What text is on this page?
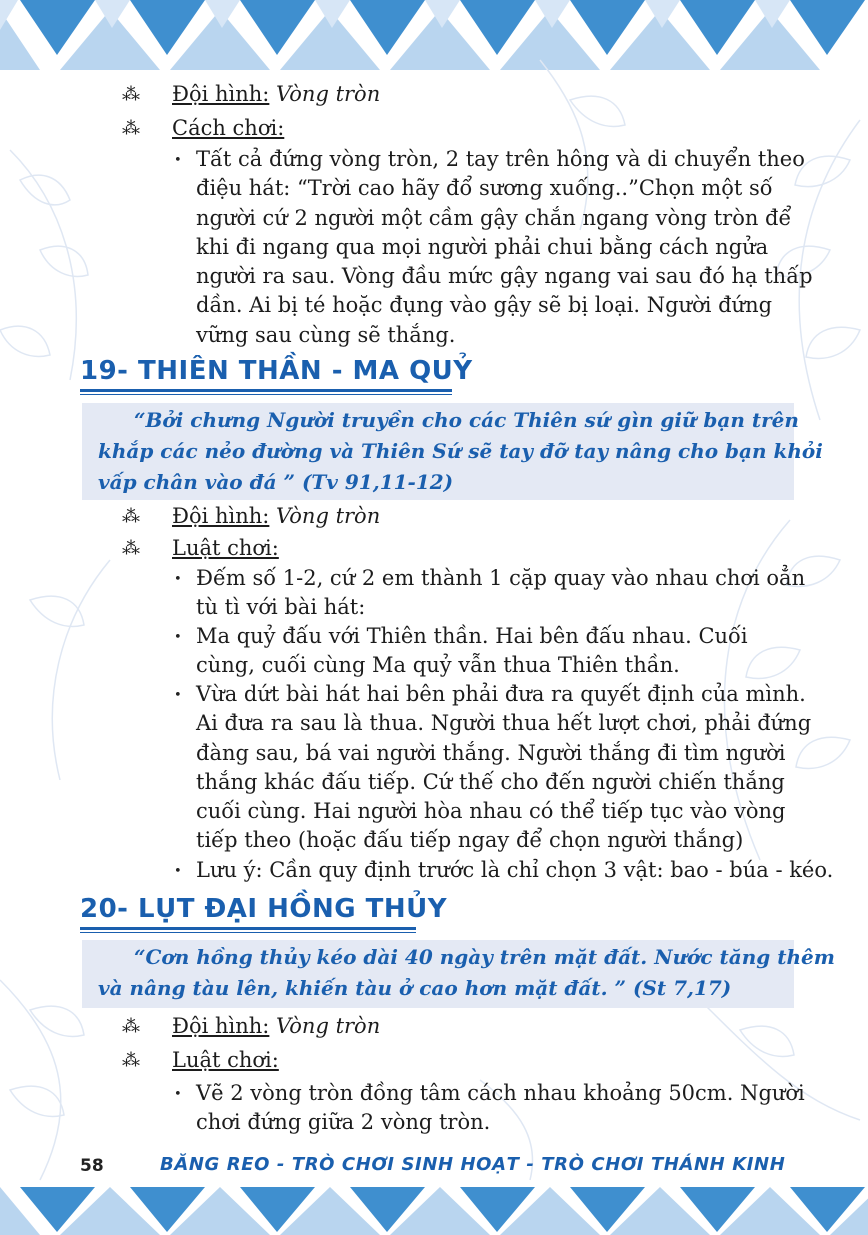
⁂ Đội hình: Vòng tròn
⁂ Cách chơi:
• Tất cả đứng vòng tròn, 2 tay trên hông và di chuyển theo
điệu hát: “Trời cao hãy đổ sương xuống..”Chọn một số
người cứ 2 người một cầm gậy chắn ngang vòng tròn để
khi đi ngang qua mọi người phải chui bằng cách ngửa
người ra sau. Vòng đầu mức gậy ngang vai sau đó hạ thấp
dần. Ai bị té hoặc đụng vào gậy sẽ bị loại. Người đứng
vững sau cùng sẽ thắng.
19- THIÊN THẦN - MA QUỶ
“Bởi chưng Người truyền cho các Thiên sứ gìn giữ bạn trên
khắp các nẻo đường và Thiên Sứ sẽ tay đỡ tay nâng cho bạn khỏi
vấp chân vào đá ” (Tv 91,11-12)
⁂ Đội hình: Vòng tròn
⁂ Luật chơi:
• Đếm số 1-2, cứ 2 em thành 1 cặp quay vào nhau chơi oẳn
tù tì với bài hát:
• Ma quỷ đấu với Thiên thần. Hai bên đấu nhau. Cuối
cùng, cuối cùng Ma quỷ vẫn thua Thiên thần.
• Vừa dứt bài hát hai bên phải đưa ra quyết định của mình.
Ai đưa ra sau là thua. Người thua hết lượt chơi, phải đứng
đàng sau, bá vai người thắng. Người thắng đi tìm người
thắng khác đấu tiếp. Cứ thế cho đến người chiến thắng
cuối cùng. Hai người hòa nhau có thể tiếp tục vào vòng
tiếp theo (hoặc đấu tiếp ngay để chọn người thắng)
• Lưu ý: Cần quy định trước là chỉ chọn 3 vật: bao - búa - kéo.
20- LỤT ĐẠI HỒNG THỦY
“Cơn hồng thủy kéo dài 40 ngày trên mặt đất. Nước tăng thêm
và nâng tàu lên, khiến tàu ở cao hơn mặt đất. ” (St 7,17)
⁂ Đội hình: Vòng tròn
⁂ Luật chơi:
• Vẽ 2 vòng tròn đồng tâm cách nhau khoảng 50cm. Người
chơi đứng giữa 2 vòng tròn.
58	BĂNG REO - TRÒ CHƠI SINH HOẠT - TRÒ CHƠI THÁNH KINH
